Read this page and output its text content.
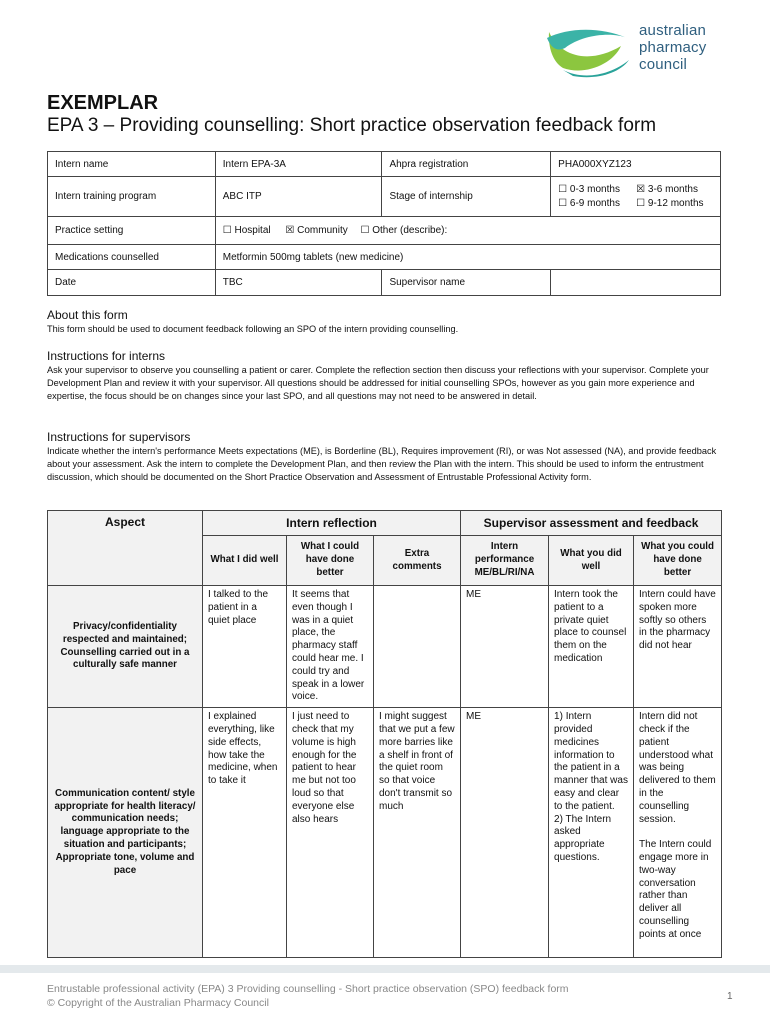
australian
pharmacy
council
EXEMPLAR
EPA 3 – Providing counselling: Short practice observation feedback form
Intern name	Intern EPA-3A	Ahpra registration	PHA000XYZ123
Intern training program	ABC ITP	Stage of internship	☐ 0-3 months ☒ 3-6 months
☐ 6-9 months ☐ 9-12 months
Practice setting	☐ Hospital ☒ Community ☐ Other (describe):		
Medications counselled	Metformin 500mg tablets (new medicine)		
Date	TBC	Supervisor name	
About this form
This form should be used to document feedback following an SPO of the intern providing counselling.
Instructions for interns
Ask your supervisor to observe you counselling a patient or carer. Complete the reflection section then discuss your reflections with your supervisor. Complete your Development Plan and review it with your supervisor. All questions should be addressed for initial counselling SPOs, however as you gain more experience and expertise, the focus should be on changes since your last SPO, and all questions may not need to be answered in detail.
Instructions for supervisors
Indicate whether the intern's performance Meets expectations (ME), is Borderline (BL), Requires improvement (RI), or was Not assessed (NA), and provide feedback about your assessment. Ask the intern to complete the Development Plan, and then review the Plan with the intern. This should be used to inform the entrustment discussion, which should be documented on the Short Practice Observation and Assessment of Entrustable Professional Activity form.
Aspect	Intern reflection			Supervisor assessment and feedback		
	What I did well	What I could have done better	Extra comments	Intern performance ME/BL/RI/NA	What you did well	What you could have done better
Privacy/confidentiality respected and maintained; Counselling carried out in a culturally safe manner	I talked to the patient in a quiet place	It seems that even though I was in a quiet place, the pharmacy staff could hear me. I could try and speak in a lower voice.		ME	Intern took the patient to a private quiet place to counsel them on the medication	Intern could have spoken more softly so others in the pharmacy did not hear
Communication content/ style appropriate for health literacy/ communication needs; language appropriate to the situation and participants; Appropriate tone, volume and pace	I explained everything, like side effects, how take the medicine, when to take it	I just need to check that my volume is high enough for the patient to hear me but not too loud so that everyone else also hears	I might suggest that we put a few more barries like a shelf in front of the quiet room so that voice don't transmit so much	ME	1) Intern provided medicines information to the patient in a manner that was easy and clear to the patient.
2) The Intern asked appropriate questions.	Intern did not check if the patient understood what was being delivered to them in the counselling session.

The Intern could engage more in two-way conversation rather than deliver all counselling points at once
Entrustable professional activity (EPA) 3 Providing counselling - Short practice observation (SPO) feedback form
© Copyright of the Australian Pharmacy Council
1
